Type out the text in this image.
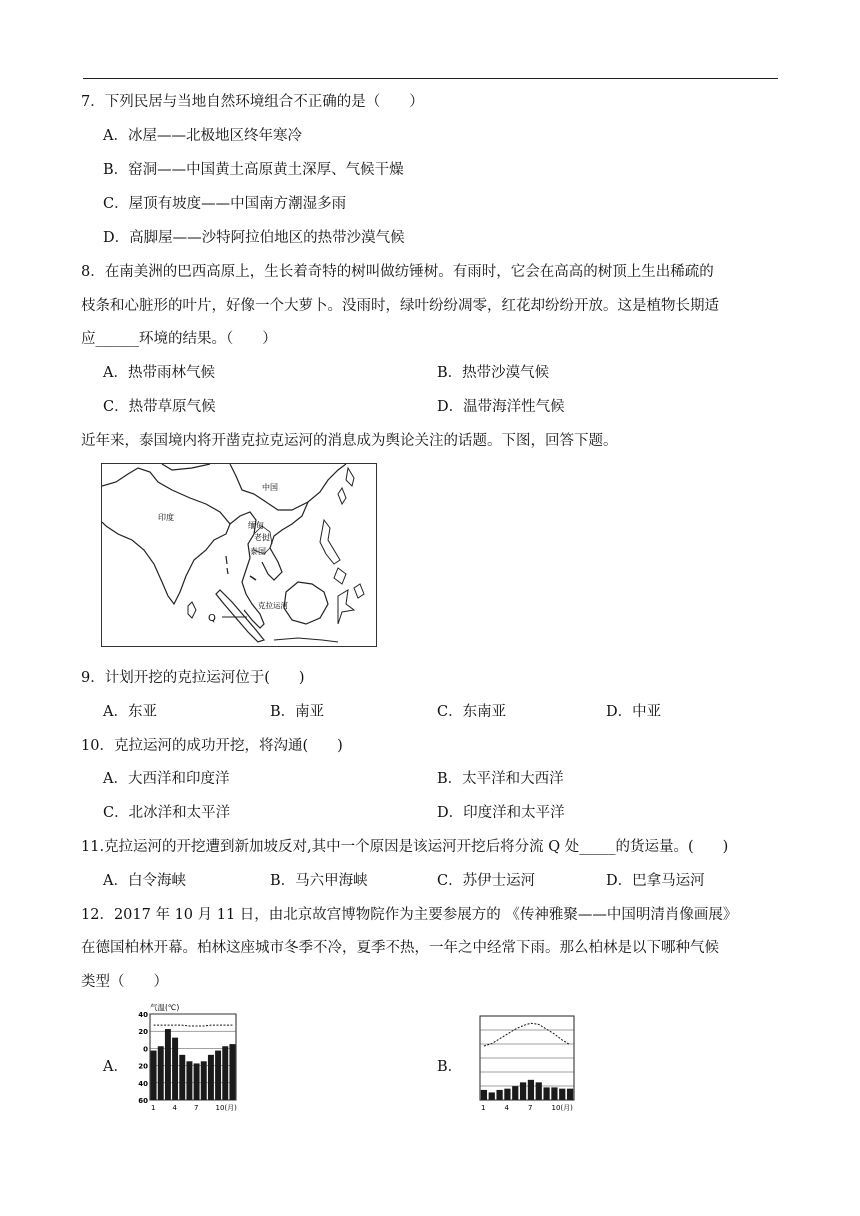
7．下列民居与当地自然环境组合不正确的是（　　）
A．冰屋——北极地区终年寒冷
B．窑洞——中国黄土高原黄土深厚、气候干燥
C．屋顶有坡度——中国南方潮湿多雨
D．高脚屋——沙特阿拉伯地区的热带沙漠气候
8．在南美洲的巴西高原上，生长着奇特的树叫做纺锤树。有雨时，它会在高高的树顶上生出稀疏的
枝条和心脏形的叶片，好像一个大萝卜。没雨时，绿叶纷纷凋零，红花却纷纷开放。这是植物长期适
应______环境的结果。（　　）
A．热带雨林气候	B．热带沙漠气候
C．热带草原气候	D．温带海洋性气候
近年来，泰国境内将开凿克拉克运河的消息成为舆论关注的话题。下图，回答下题。
中国
印度
缅甸
老挝
泰国
克拉运河
Q
9．计划开挖的克拉运河位于(　　)
A．东亚	B．南亚	C．东南亚	D．中亚
10．克拉运河的成功开挖，将沟通(　　)
A．大西洋和印度洋	B．太平洋和大西洋
C．北冰洋和太平洋	D．印度洋和太平洋
11.克拉运河的开挖遭到新加坡反对,其中一个原因是该运河开挖后将分流 Q 处_____的货运量。(　　)
A．白令海峡	B．马六甲海峡	C．苏伊士运河	D．巴拿马运河
12．2017 年 10 月 11 日，由北京故宫博物院作为主要参展方的 《传神雅聚——中国明清肖像画展》
在德国柏林开幕。柏林这座城市冬季不冷，夏季不热，一年之中经常下雨。那么柏林是以下哪种气候
类型（　　）
A．	B．
气温(℃)
40
20
0
20
40
60
1 4 7 10(月)	1	4	7	10(月)
